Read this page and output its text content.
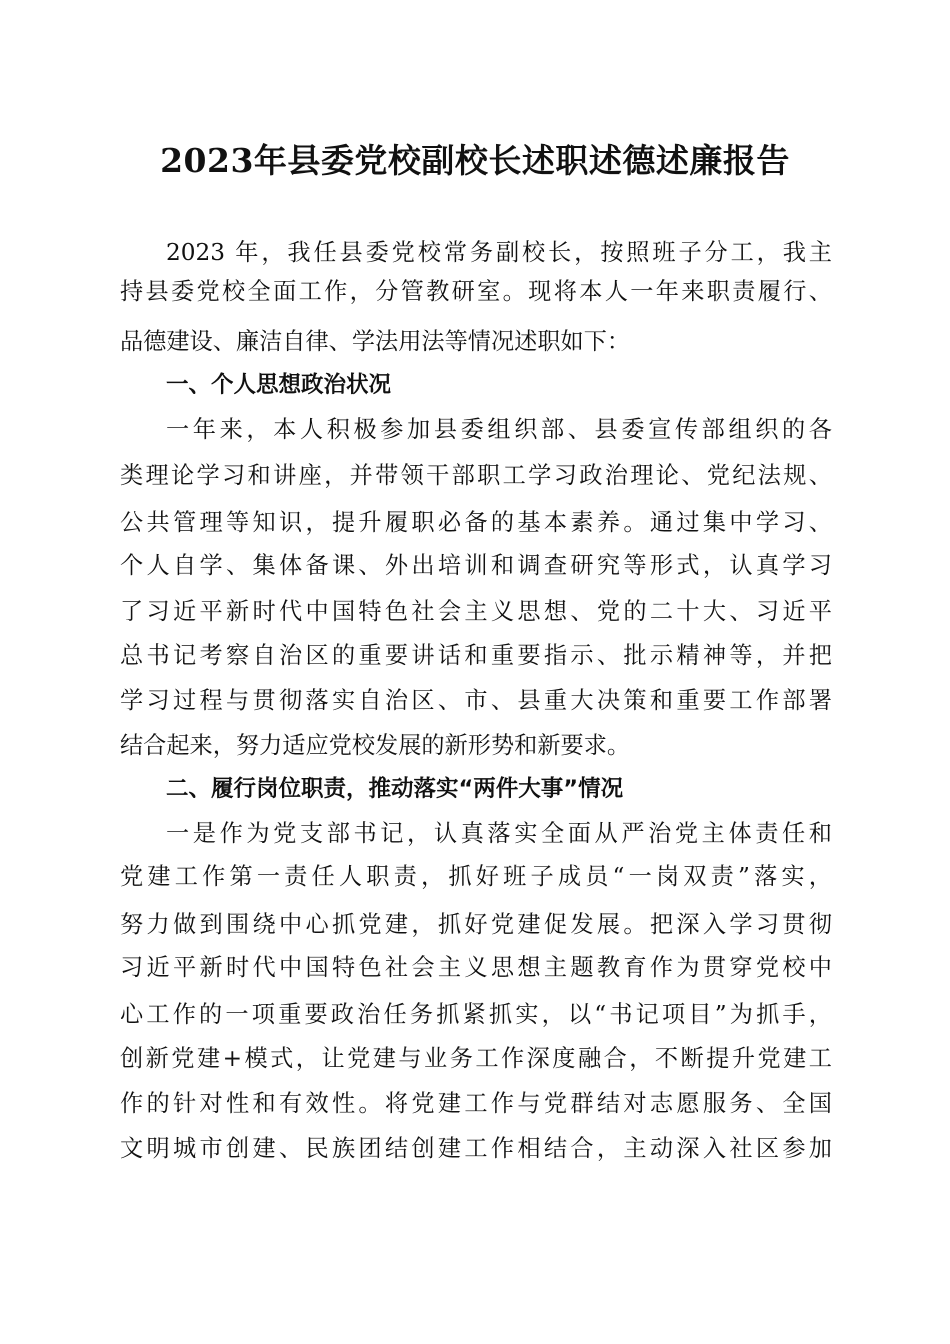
2023年县委党校副校长述职述德述廉报告
2023 年，我任县委党校常务副校长，按照班子分工，我主
持县委党校全面工作，分管教研室。现将本人一年来职责履行、
品德建设、廉洁自律、学法用法等情况述职如下：
一、个人思想政治状况
一年来，本人积极参加县委组织部、县委宣传部组织的各
类理论学习和讲座，并带领干部职工学习政治理论、党纪法规、
公共管理等知识，提升履职必备的基本素养。通过集中学习、
个人自学、集体备课、外出培训和调查研究等形式，认真学习
了习近平新时代中国特色社会主义思想、党的二十大、习近平
总书记考察自治区的重要讲话和重要指示、批示精神等，并把
学习过程与贯彻落实自治区、市、县重大决策和重要工作部署
结合起来，努力适应党校发展的新形势和新要求。
二、履行岗位职责，推动落实“两件大事”情况
一是作为党支部书记，认真落实全面从严治党主体责任和
党建工作第一责任人职责，抓好班子成员“一岗双责”落实，
努力做到围绕中心抓党建，抓好党建促发展。把深入学习贯彻
习近平新时代中国特色社会主义思想主题教育作为贯穿党校中
心工作的一项重要政治任务抓紧抓实，以“书记项目”为抓手，
创新党建+模式，让党建与业务工作深度融合，不断提升党建工
作的针对性和有效性。将党建工作与党群结对志愿服务、全国
文明城市创建、民族团结创建工作相结合，主动深入社区参加
